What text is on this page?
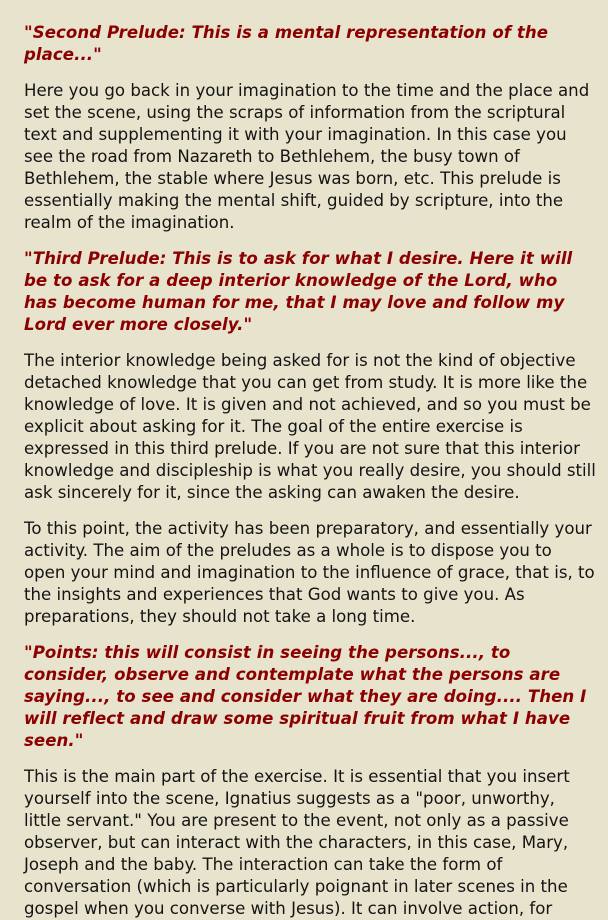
"Second Prelude: This is a mental representation of the place..."

Here you go back in your imagination to the time and the place and set the scene, using the scraps of information from the scriptural text and supplementing it with your imagination. In this case you see the road from Nazareth to Bethlehem, the busy town of Bethlehem, the stable where Jesus was born, etc. This prelude is essentially making the mental shift, guided by scripture, into the realm of the imagination.

"Third Prelude: This is to ask for what I desire. Here it will be to ask for a deep interior knowledge of the Lord, who has become human for me, that I may love and follow my Lord ever more closely."

The interior knowledge being asked for is not the kind of objective detached knowledge that you can get from study. It is more like the knowledge of love. It is given and not achieved, and so you must be explicit about asking for it. The goal of the entire exercise is expressed in this third prelude. If you are not sure that this interior knowledge and discipleship is what you really desire, you should still ask sincerely for it, since the asking can awaken the desire.

To this point, the activity has been preparatory, and essentially your activity. The aim of the preludes as a whole is to dispose you to open your mind and imagination to the influence of grace, that is, to the insights and experiences that God wants to give you. As preparations, they should not take a long time.

"Points: this will consist in seeing the persons..., to consider, observe and contemplate what the persons are saying..., to see and consider what they are doing.... Then I will reflect and draw some spiritual fruit from what I have seen."

This is the main part of the exercise. It is essential that you insert yourself into the scene, Ignatius suggests as a "poor, unworthy, little servant." You are present to the event, not only as a passive observer, but can interact with the characters, in this case, Mary, Joseph and the baby. The interaction can take the form of conversation (which is particularly poignant in later scenes in the gospel when you converse with Jesus). It can involve action, for
